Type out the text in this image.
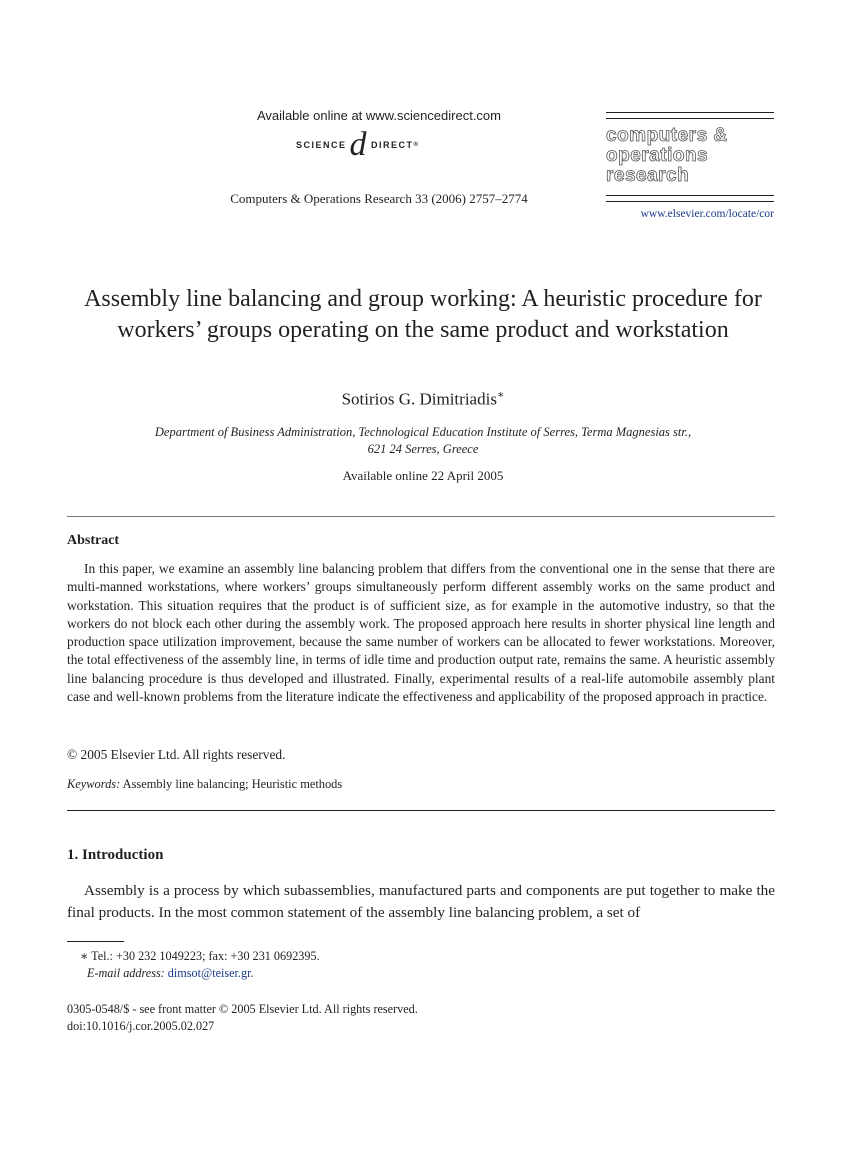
Available online at www.sciencedirect.com
SCIENCE d DIRECT ®
Computers & Operations Research 33 (2006) 2757–2774
computers &
operations
research
www.elsevier.com/locate/cor
Assembly line balancing and group working: A heuristic procedure for workers’ groups operating on the same product and workstation
Sotirios G. Dimitriadis∗
Department of Business Administration, Technological Education Institute of Serres, Terma Magnesias str.,
621 24 Serres, Greece
Available online 22 April 2005
Abstract
In this paper, we examine an assembly line balancing problem that differs from the conventional one in the sense that there are multi-manned workstations, where workers’ groups simultaneously perform different assembly works on the same product and workstation. This situation requires that the product is of sufficient size, as for example in the automotive industry, so that the workers do not block each other during the assembly work. The proposed approach here results in shorter physical line length and production space utilization improvement, because the same number of workers can be allocated to fewer workstations. Moreover, the total effectiveness of the assembly line, in terms of idle time and production output rate, remains the same. A heuristic assembly line balancing procedure is thus developed and illustrated. Finally, experimental results of a real-life automobile assembly plant case and well-known problems from the literature indicate the effectiveness and applicability of the proposed approach in practice.
© 2005 Elsevier Ltd. All rights reserved.
Keywords: Assembly line balancing; Heuristic methods
1. Introduction
Assembly is a process by which subassemblies, manufactured parts and components are put together to make the final products. In the most common statement of the assembly line balancing problem, a set of
∗ Tel.: +30 232 1049223; fax: +30 231 0692395.
E-mail address: dimsot@teiser.gr.
0305-0548/$ - see front matter © 2005 Elsevier Ltd. All rights reserved.
doi:10.1016/j.cor.2005.02.027
